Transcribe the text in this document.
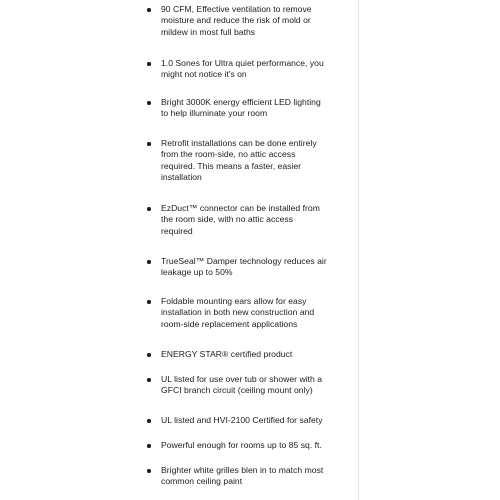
90 CFM, Effective ventilation to remove
moisture and reduce the risk of mold or
mildew in most full baths
1.0 Sones for Ultra quiet performance, you
might not notice it's on
Bright 3000K energy efficient LED lighting
to help illuminate your room
Retrofit installations can be done entirely
from the room-side, no attic access
required. This means a faster, easier
installation
EzDuct™ connector can be installed from
the room side, with no attic access
required
TrueSeal™ Damper technology reduces air
leakage up to 50%
Foldable mounting ears allow for easy
installation in both new construction and
room-side replacement applications
ENERGY STAR® certified product
UL listed for use over tub or shower with a
GFCI branch circuit (ceiling mount only)
UL listed and HVI-2100 Certified for safety
Powerful enough for rooms up to 85 sq. ft.
Brighter white grilles blen in to match most
common ceiling paint
